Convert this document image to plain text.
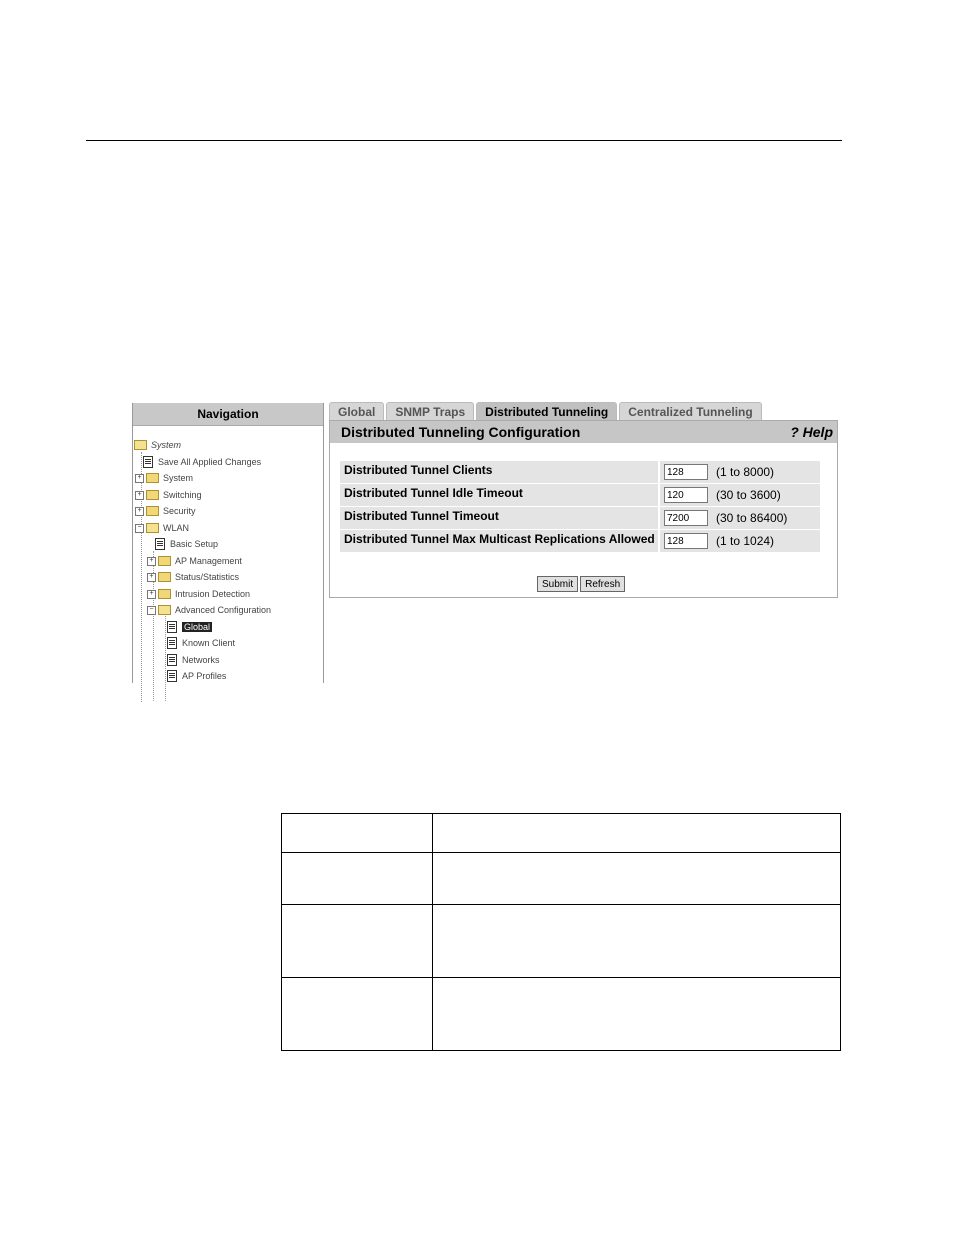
Navigation
System
Save All Applied Changes
+ System
+ Switching
+ Security
− WLAN
Basic Setup
+ AP Management
+ Status/Statistics
+ Intrusion Detection
− Advanced Configuration
Global
Known Client
Networks
AP Profiles
Global	SNMP Traps	Distributed Tunneling	Centralized Tunneling
Distributed Tunneling Configuration	? Help
Distributed Tunnel Clients
128	(1 to 8000)
Distributed Tunnel Idle Timeout
120	(30 to 3600)
Distributed Tunnel Timeout
7200	(30 to 86400)
Distributed Tunnel Max Multicast Replications Allowed
128	(1 to 1024)
Submit	Refresh
